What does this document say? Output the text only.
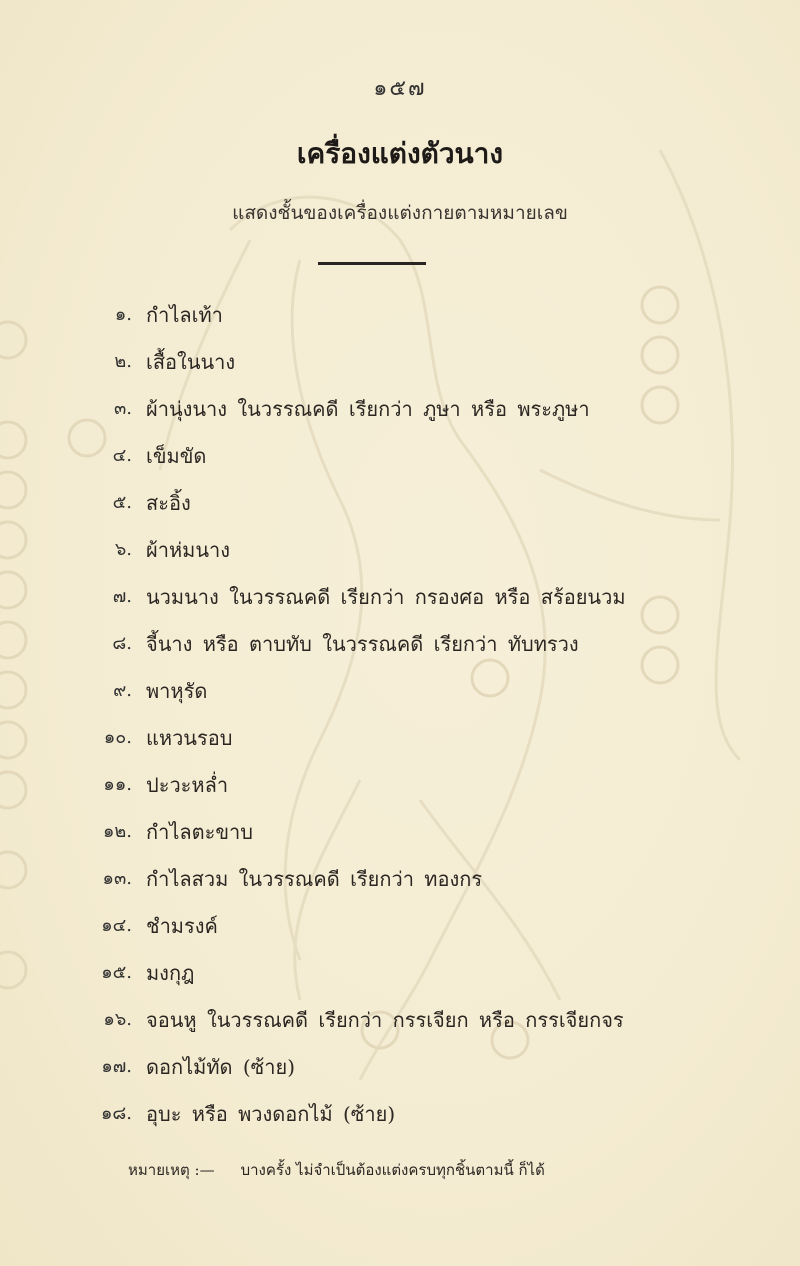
๑๕๗
เครื่องแต่งตัวนาง
แสดงชั้นของเครื่องแต่งกายตามหมายเลข
๑. กำไลเท้า
๒. เสื้อในนาง
๓. ผ้านุ่งนาง ในวรรณคดี เรียกว่า ภูษา หรือ พระภูษา
๔. เข็มขัด
๕. สะอิ้ง
๖. ผ้าห่มนาง
๗. นวมนาง ในวรรณคดี เรียกว่า กรองศอ หรือ สร้อยนวม
๘. จี้นาง หรือ ตาบทับ ในวรรณคดี เรียกว่า ทับทรวง
๙. พาหุรัด
๑๐. แหวนรอบ
๑๑. ปะวะหล่ำ
๑๒. กำไลตะขาบ
๑๓. กำไลสวม ในวรรณคดี เรียกว่า ทองกร
๑๔. ชำมรงค์
๑๕. มงกุฎ
๑๖. จอนหู ในวรรณคดี เรียกว่า กรรเจียก หรือ กรรเจียกจร
๑๗. ดอกไม้ทัด (ซ้าย)
๑๘. อุบะ หรือ พวงดอกไม้ (ซ้าย)
หมายเหตุ :— บางครั้ง ไม่จำเป็นต้องแต่งครบทุกชิ้นตามนี้ ก็ได้
